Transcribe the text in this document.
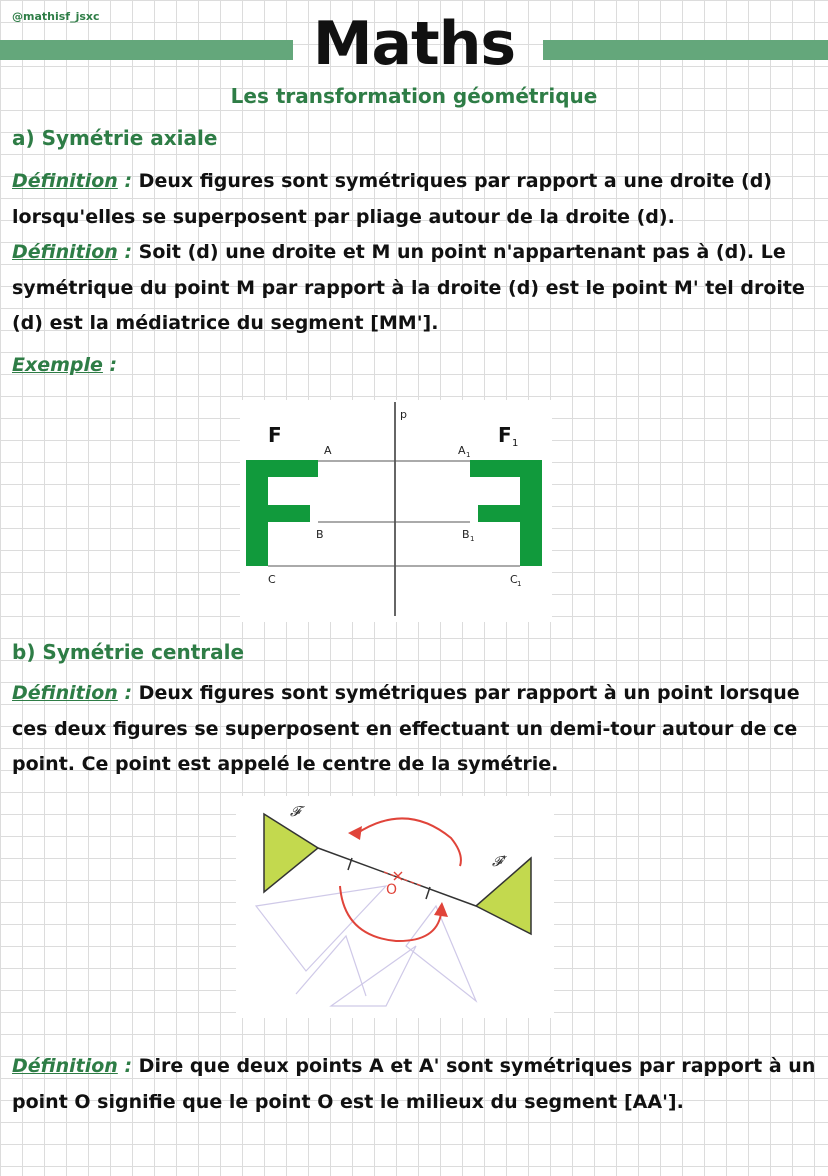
@mathisf_jsxc	Maths
Les transformation géométrique
a) Symétrie axiale
Définition : Deux figures sont symétriques par rapport a une droite (d) lorsqu'elles se superposent par pliage autour de la droite (d).
Définition : Soit (d) une droite et M un point n'appartenant pas à (d). Le symétrique du point M par rapport à la droite (d) est le point M' tel droite (d) est la médiatrice du segment [MM'].
Exemple :
p
F	F 1
A	A 1
B	B 1
C	C 1
b) Symétrie centrale
Définition : Deux figures sont symétriques par rapport à un point lorsque ces deux figures se superposent en effectuant un demi-tour autour de ce point. Ce point est appelé le centre de la symétrie.
𝓕
𝓕'
O
Définition : Dire que deux points A et A' sont symétriques par rapport à un point O signifie que le point O est le milieux du segment [AA'].
